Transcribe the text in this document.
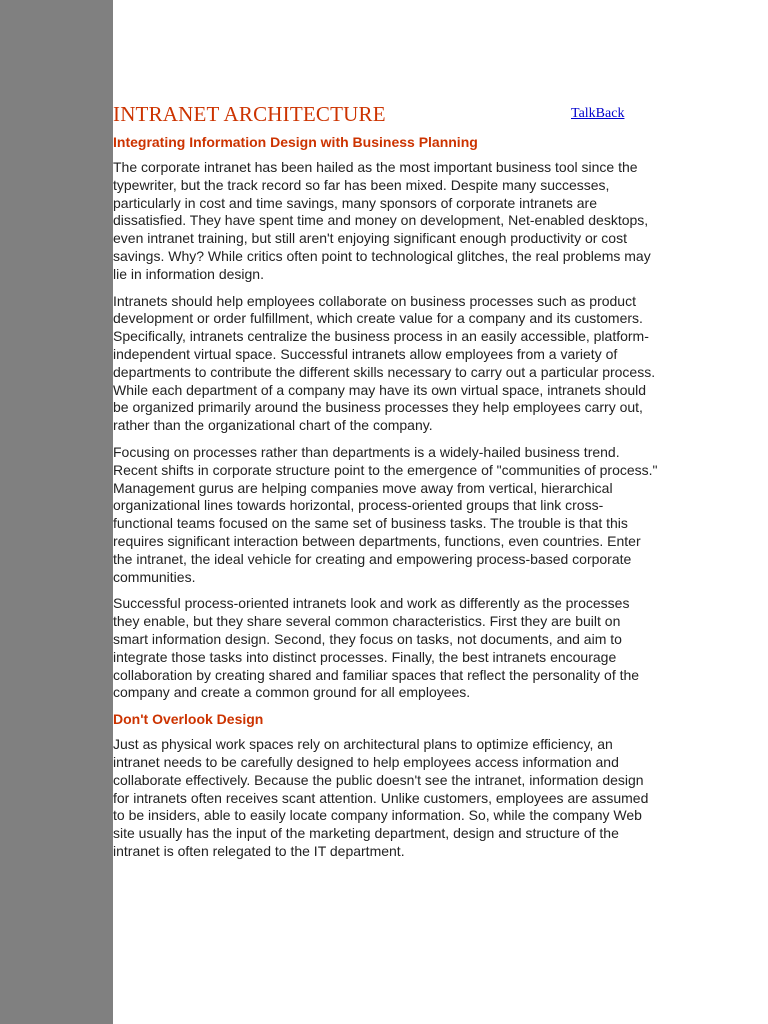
INTRANET ARCHITECTURE	TalkBack
Integrating Information Design with Business Planning

The corporate intranet has been hailed as the most important business tool since the typewriter, but the track record so far has been mixed. Despite many successes, particularly in cost and time savings, many sponsors of corporate intranets are dissatisfied. They have spent time and money on development, Net-enabled desktops, even intranet training, but still aren't enjoying significant enough productivity or cost savings. Why? While critics often point to technological glitches, the real problems may lie in information design.

Intranets should help employees collaborate on business processes such as product development or order fulfillment, which create value for a company and its customers. Specifically, intranets centralize the business process in an easily accessible, platform-independent virtual space. Successful intranets allow employees from a variety of departments to contribute the different skills necessary to carry out a particular process. While each department of a company may have its own virtual space, intranets should be organized primarily around the business processes they help employees carry out, rather than the organizational chart of the company.

Focusing on processes rather than departments is a widely-hailed business trend. Recent shifts in corporate structure point to the emergence of "communities of process." Management gurus are helping companies move away from vertical, hierarchical organizational lines towards horizontal, process-oriented groups that link cross-functional teams focused on the same set of business tasks. The trouble is that this requires significant interaction between departments, functions, even countries. Enter the intranet, the ideal vehicle for creating and empowering process-based corporate communities.

Successful process-oriented intranets look and work as differently as the processes they enable, but they share several common characteristics. First they are built on smart information design. Second, they focus on tasks, not documents, and aim to integrate those tasks into distinct processes. Finally, the best intranets encourage collaboration by creating shared and familiar spaces that reflect the personality of the company and create a common ground for all employees.

Don't Overlook Design

Just as physical work spaces rely on architectural plans to optimize efficiency, an intranet needs to be carefully designed to help employees access information and collaborate effectively. Because the public doesn't see the intranet, information design for intranets often receives scant attention. Unlike customers, employees are assumed to be insiders, able to easily locate company information. So, while the company Web site usually has the input of the marketing department, design and structure of the intranet is often relegated to the IT department.
